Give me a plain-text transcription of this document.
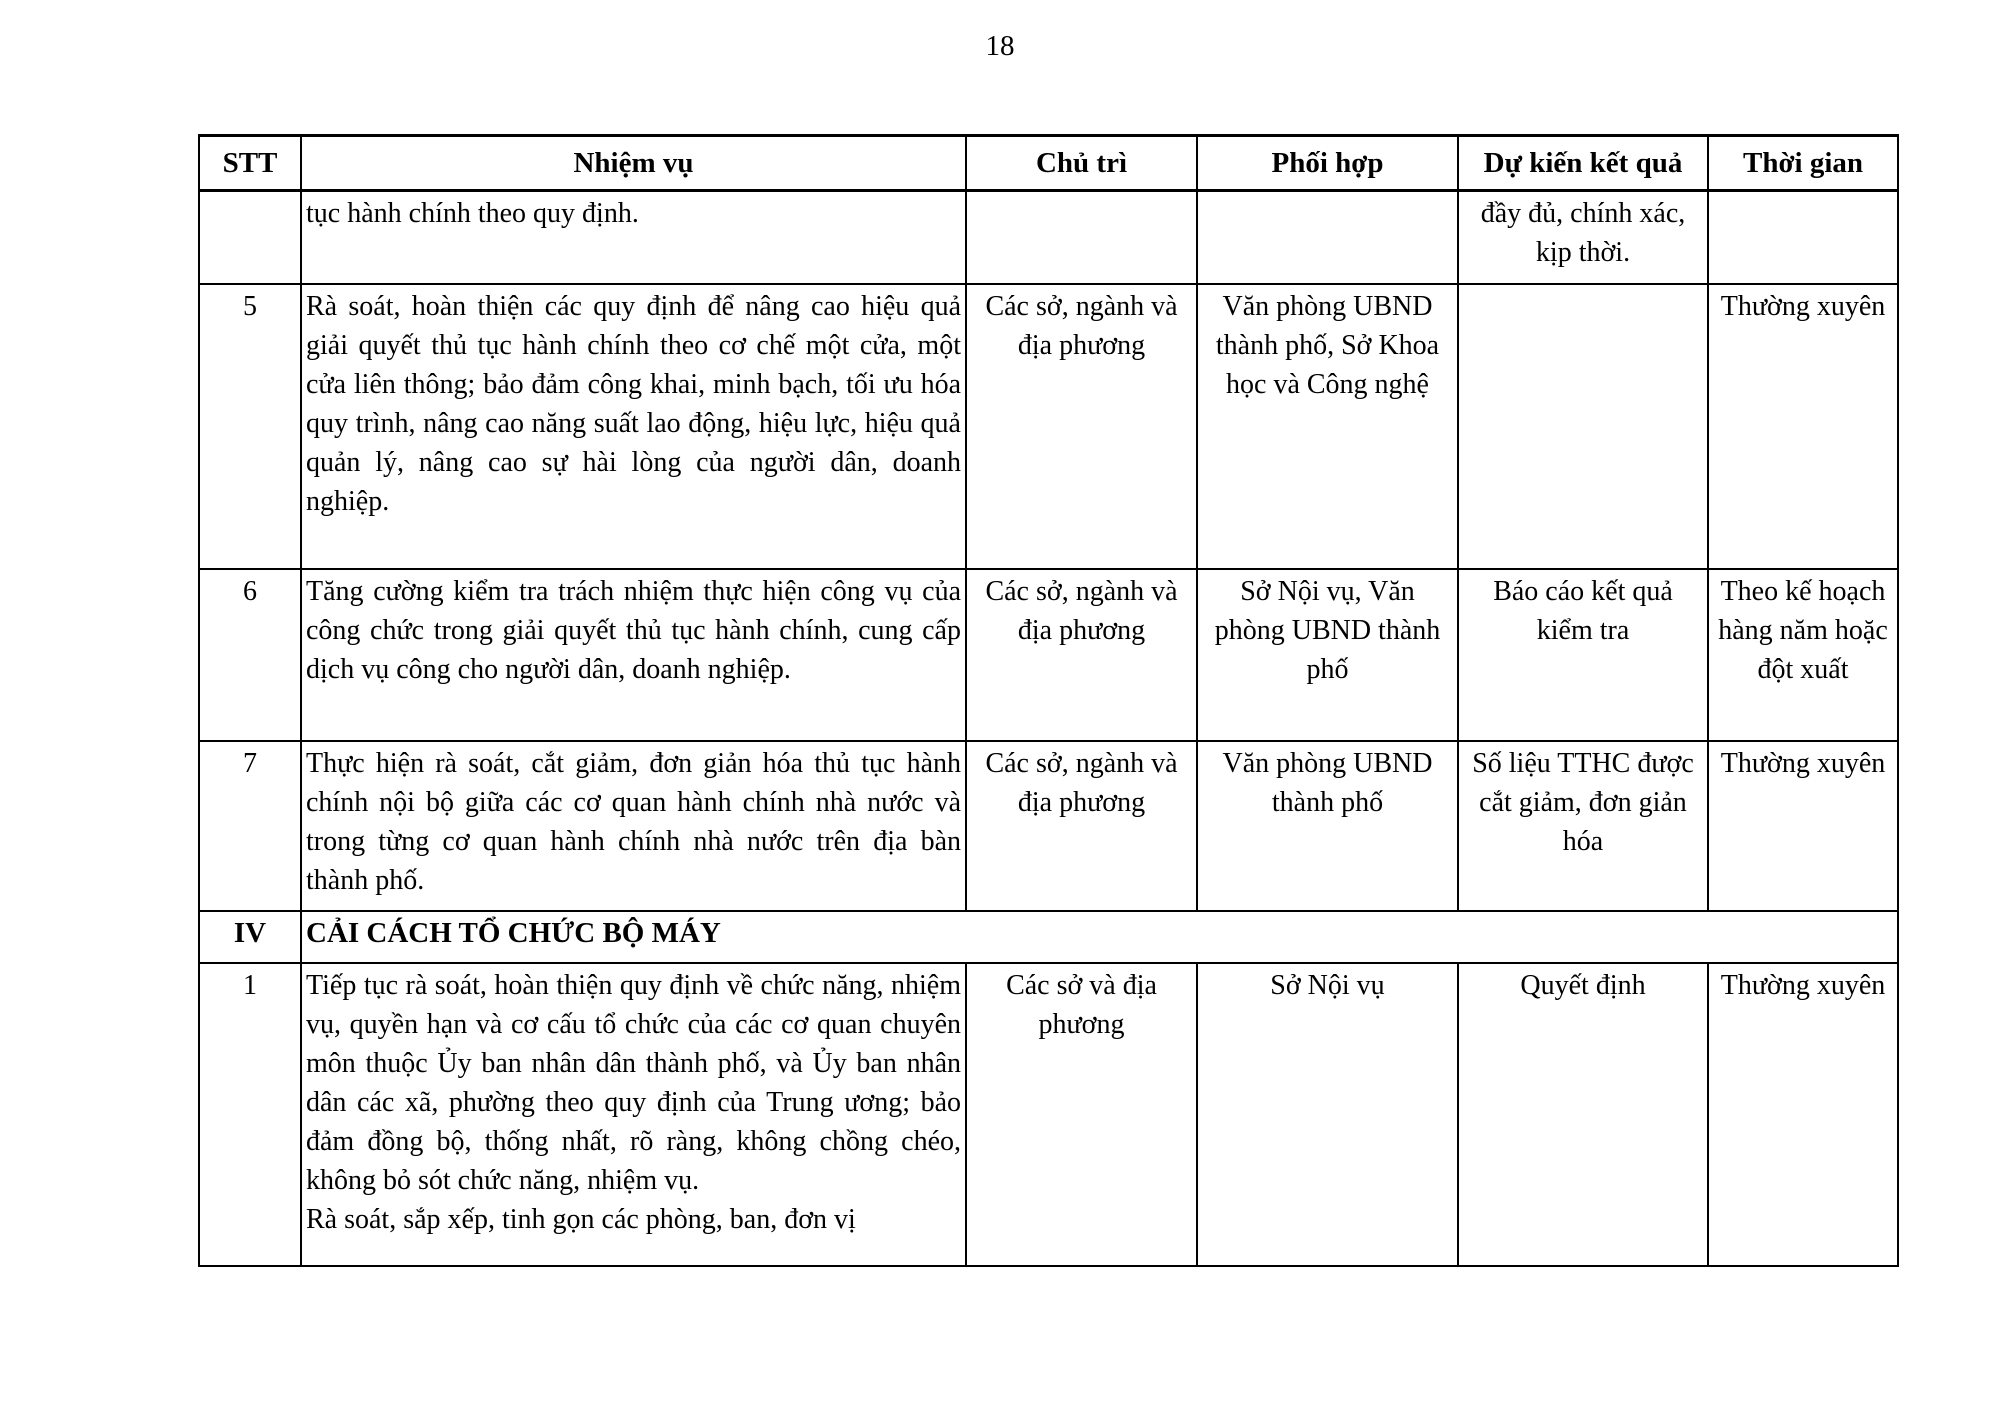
18
STT	Nhiệm vụ	Chủ trì	Phối hợp	Dự kiến kết quả	Thời gian
	tục hành chính theo quy định.			đầy đủ, chính xác, kịp thời.	
5	Rà soát, hoàn thiện các quy định để nâng cao hiệu quả giải quyết thủ tục hành chính theo cơ chế một cửa, một cửa liên thông; bảo đảm công khai, minh bạch, tối ưu hóa quy trình, nâng cao năng suất lao động, hiệu lực, hiệu quả quản lý, nâng cao sự hài lòng của người dân, doanh nghiệp.	Các sở, ngành và địa phương	Văn phòng UBND thành phố, Sở Khoa học và Công nghệ		Thường xuyên
6	Tăng cường kiểm tra trách nhiệm thực hiện công vụ của công chức trong giải quyết thủ tục hành chính, cung cấp dịch vụ công cho người dân, doanh nghiệp.	Các sở, ngành và địa phương	Sở Nội vụ, Văn phòng UBND thành phố	Báo cáo kết quả kiểm tra	Theo kế hoạch hàng năm hoặc đột xuất
7	Thực hiện rà soát, cắt giảm, đơn giản hóa thủ tục hành chính nội bộ giữa các cơ quan hành chính nhà nước và trong từng cơ quan hành chính nhà nước trên địa bàn thành phố.	Các sở, ngành và địa phương	Văn phòng UBND thành phố	Số liệu TTHC được cắt giảm, đơn giản hóa	Thường xuyên
IV	CẢI CÁCH TỔ CHỨC BỘ MÁY				
1	Tiếp tục rà soát, hoàn thiện quy định về chức năng, nhiệm vụ, quyền hạn và cơ cấu tổ chức của các cơ quan chuyên môn thuộc Ủy ban nhân dân thành phố, và Ủy ban nhân dân các xã, phường theo quy định của Trung ương; bảo đảm đồng bộ, thống nhất, rõ ràng, không chồng chéo, không bỏ sót chức năng, nhiệm vụ.
Rà soát, sắp xếp, tinh gọn các phòng, ban, đơn vị	Các sở và địa phương	Sở Nội vụ	Quyết định	Thường xuyên
